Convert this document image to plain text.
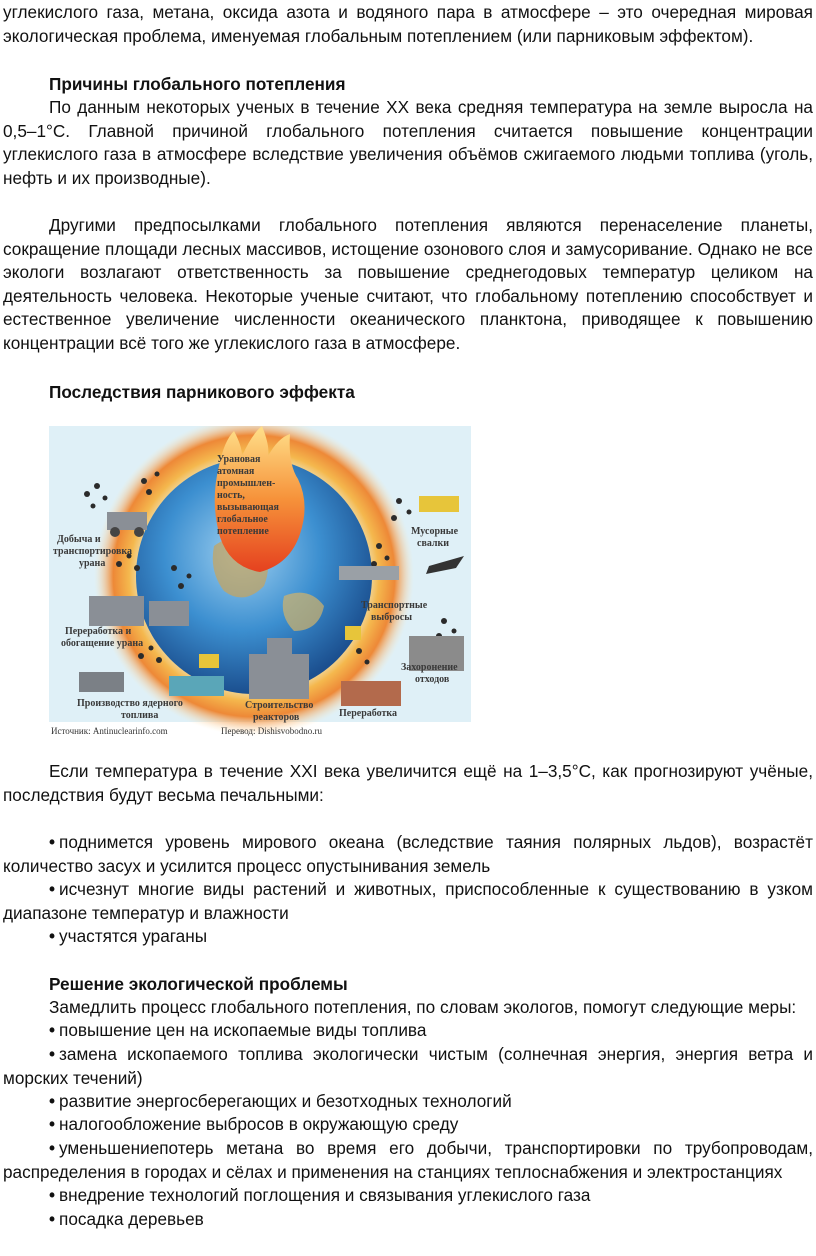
углекислого газа, метана, оксида азота и водяного пара в атмосфере – это очередная мировая экологическая проблема, именуемая глобальным потеплением (или парниковым эффектом).

Причины глобального потепления

По данным некоторых ученых в течение XX века средняя температура на земле выросла на 0,5–1°С. Главной причиной глобального потепления считается повышение концентрации углекислого газа в атмосфере вследствие увеличения объёмов сжигаемого людьми топлива (уголь, нефть и их производные).

Другими предпосылками глобального потепления являются перенаселение планеты, сокращение площади лесных массивов, истощение озонового слоя и замусоривание. Однако не все экологи возлагают ответственность за повышение среднегодовых температур целиком на деятельность человека. Некоторые ученые считают, что глобальному потеплению способствует и естественное увеличение численности океанического планктона, приводящее к повышению концентрации всё того же углекислого газа в атмосфере.

Последствия парникового эффекта

Урановая
атомная
промышлен-
ность,
вызывающая
глобальное
потепление
Добыча и
транспортировка
урана
Переработка и
обогащение урана
Производство ядерного
топлива
Строительство
реакторов	Переработка
Захоронение
отходов
Транспортные
выбросы
Мусорные
свалки
Источник: Antinuclearinfo.com	Перевод: Dishisvobodno.ru

Если температура в течение XXI века увеличится ещё на 1–3,5°С, как прогнозируют учёные, последствия будут весьма печальными:

• поднимется уровень мирового океана (вследствие таяния полярных льдов), возрастёт количество засух и усилится процесс опустынивания земель

• исчезнут многие виды растений и животных, приспособленные к существованию в узком диапазоне температур и влажности

• участятся ураганы

Решение экологической проблемы

Замедлить процесс глобального потепления, по словам экологов, помогут следующие меры:

• повышение цен на ископаемые виды топлива

• замена ископаемого топлива экологически чистым (солнечная энергия, энергия ветра и морских течений)

• развитие энергосберегающих и безотходных технологий

• налогообложение выбросов в окружающую среду

• уменьшениепотерь метана во время его добычи, транспортировки по трубопроводам, распределения в городах и сёлах и применения на станциях теплоснабжения и электростанциях

• внедрение технологий поглощения и связывания углекислого газа

• посадка деревьев
